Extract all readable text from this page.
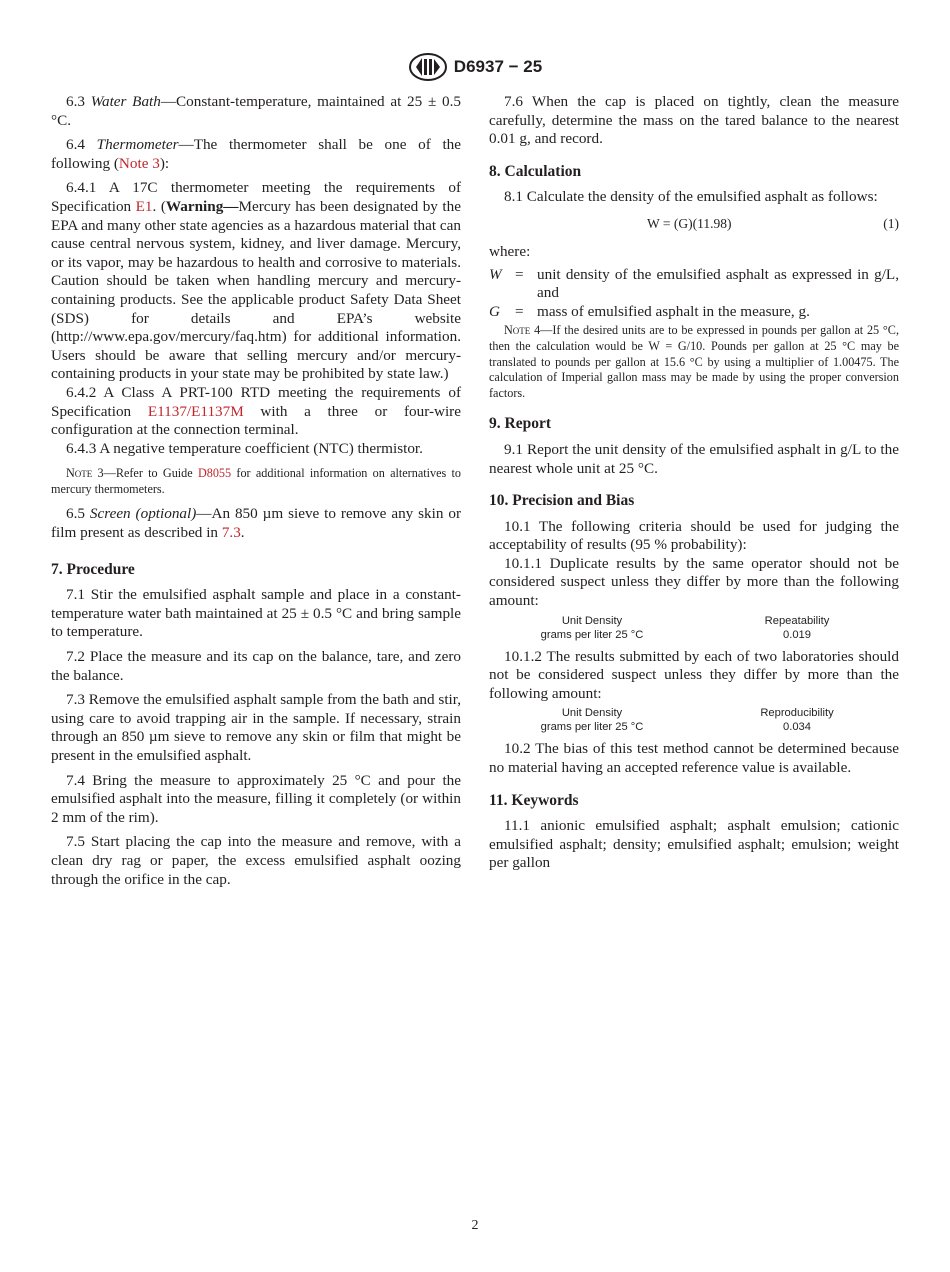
D6937 − 25

6.3 Water Bath—Constant-temperature, maintained at 25 ± 0.5 °C.

6.4 Thermometer—The thermometer shall be one of the following (Note 3):

6.4.1 A 17C thermometer meeting the requirements of Specification E1. (Warning—Mercury has been designated by the EPA and many other state agencies as a hazardous material that can cause central nervous system, kidney, and liver damage. Mercury, or its vapor, may be hazardous to health and corrosive to materials. Caution should be taken when handling mercury and mercury-containing products. See the applicable product Safety Data Sheet (SDS) for details and EPA’s website (http://www.epa.gov/mercury/faq.htm) for additional information. Users should be aware that selling mercury and/or mercury-containing products in your state may be prohibited by state law.)

6.4.2 A Class A PRT-100 RTD meeting the requirements of Specification E1137/E1137M with a three or four-wire configuration at the connection terminal.

6.4.3 A negative temperature coefficient (NTC) thermistor.

Note 3—Refer to Guide D8055 for additional information on alternatives to mercury thermometers.

6.5 Screen (optional)—An 850 µm sieve to remove any skin or film present as described in 7.3.

7. Procedure

7.1 Stir the emulsified asphalt sample and place in a constant-temperature water bath maintained at 25 ± 0.5 °C and bring sample to temperature.

7.2 Place the measure and its cap on the balance, tare, and zero the balance.

7.3 Remove the emulsified asphalt sample from the bath and stir, using care to avoid trapping air in the sample. If necessary, strain through an 850 µm sieve to remove any skin or film that might be present in the emulsified asphalt.

7.4 Bring the measure to approximately 25 °C and pour the emulsified asphalt into the measure, filling it completely (or within 2 mm of the rim).

7.5 Start placing the cap into the measure and remove, with a clean dry rag or paper, the excess emulsified asphalt oozing through the orifice in the cap.

7.6 When the cap is placed on tightly, clean the measure carefully, determine the mass on the tared balance to the nearest 0.01 g, and record.

8. Calculation

8.1 Calculate the density of the emulsified asphalt as follows:

W = (G)(11.98)	(1)
where:
W = unit density of the emulsified asphalt as expressed in g/L, and
G = mass of emulsified asphalt in the measure, g.
Note 4—If the desired units are to be expressed in pounds per gallon at 25 °C, then the calculation would be W = G/10. Pounds per gallon at 25 °C may be translated to pounds per gallon at 15.6 °C by using a multiplier of 1.00475. The calculation of Imperial gallon mass may be made by using the proper conversion factors.
9. Report

9.1 Report the unit density of the emulsified asphalt in g/L to the nearest whole unit at 25 °C.

10. Precision and Bias

10.1 The following criteria should be used for judging the acceptability of results (95 % probability):

10.1.1 Duplicate results by the same operator should not be considered suspect unless they differ by more than the following amount:

Unit Density
grams per liter 25 °C
Repeatability
0.019

10.1.2 The results submitted by each of two laboratories should not be considered suspect unless they differ by more than the following amount:

Unit Density
grams per liter 25 °C
Reproducibility
0.034

10.2 The bias of this test method cannot be determined because no material having an accepted reference value is available.

11. Keywords

11.1 anionic emulsified asphalt; asphalt emulsion; cationic emulsified asphalt; density; emulsified asphalt; emulsion; weight per gallon

2
